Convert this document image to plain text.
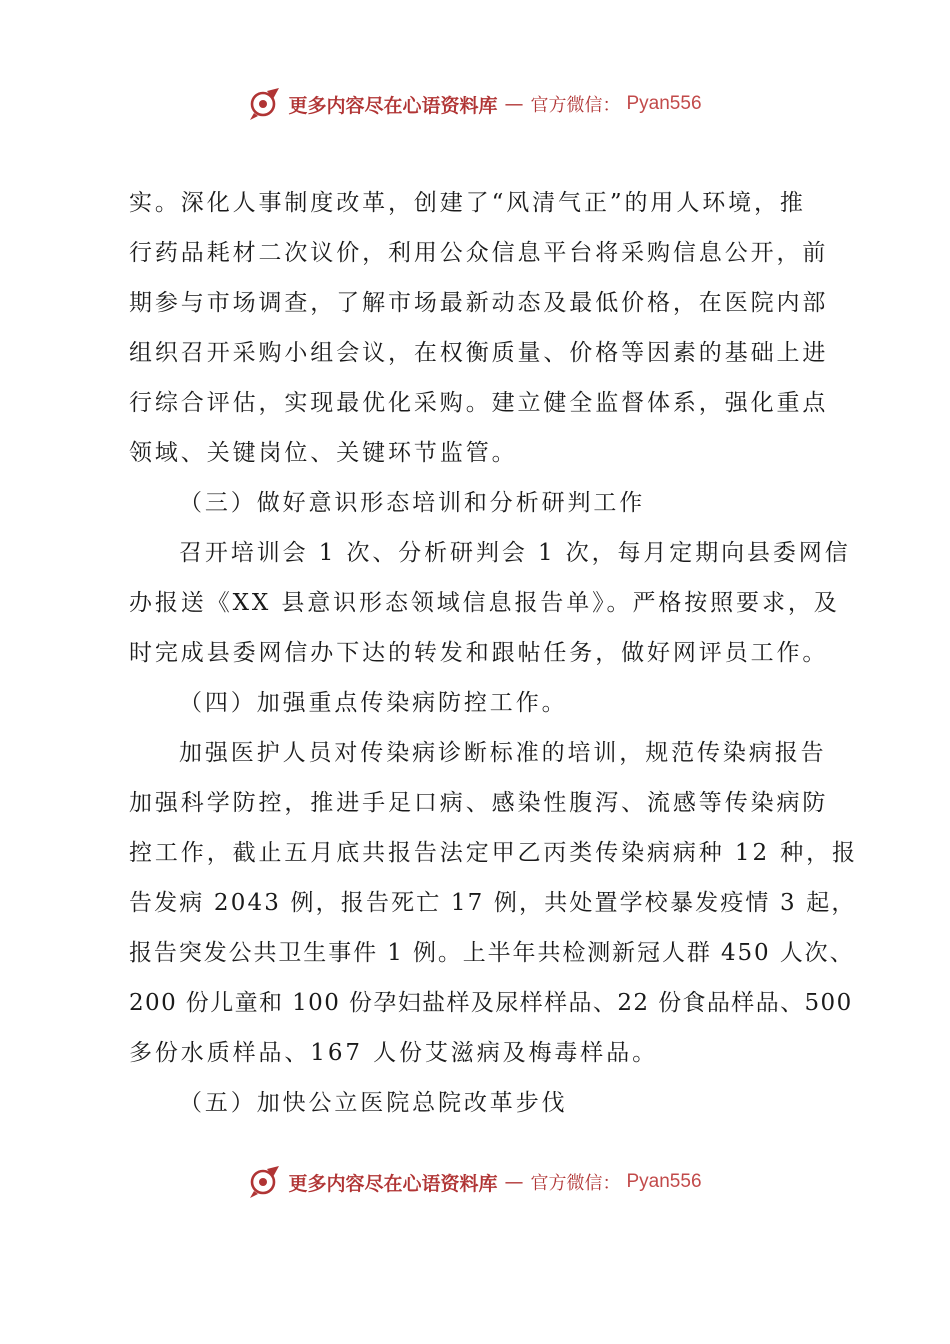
更多内容尽在心语资料库 — 官方微信： Pyan556
实。深化人事制度改革，创建了“风清气正”的用人环境，推
行药品耗材二次议价，利用公众信息平台将采购信息公开，前
期参与市场调查，了解市场最新动态及最低价格，在医院内部
组织召开采购小组会议，在权衡质量、价格等因素的基础上进
行综合评估，实现最优化采购。建立健全监督体系，强化重点
领域、关键岗位、关键环节监管。
（三）做好意识形态培训和分析研判工作
召开培训会 1 次、分析研判会 1 次，每月定期向县委网信
办报送《XX 县意识形态领域信息报告单》。严格按照要求，及
时完成县委网信办下达的转发和跟帖任务，做好网评员工作。
（四）加强重点传染病防控工作。
加强医护人员对传染病诊断标准的培训，规范传染病报告
加强科学防控，推进手足口病、感染性腹泻、流感等传染病防
控工作，截止五月底共报告法定甲乙丙类传染病病种 12 种，报
告发病 2043 例，报告死亡 17 例，共处置学校暴发疫情 3 起，
报告突发公共卫生事件 1 例。上半年共检测新冠人群 450 人次、
200 份儿童和 100 份孕妇盐样及尿样样品、22 份食品样品、500
多份水质样品、167 人份艾滋病及梅毒样品。
（五）加快公立医院总院改革步伐
更多内容尽在心语资料库 — 官方微信： Pyan556
